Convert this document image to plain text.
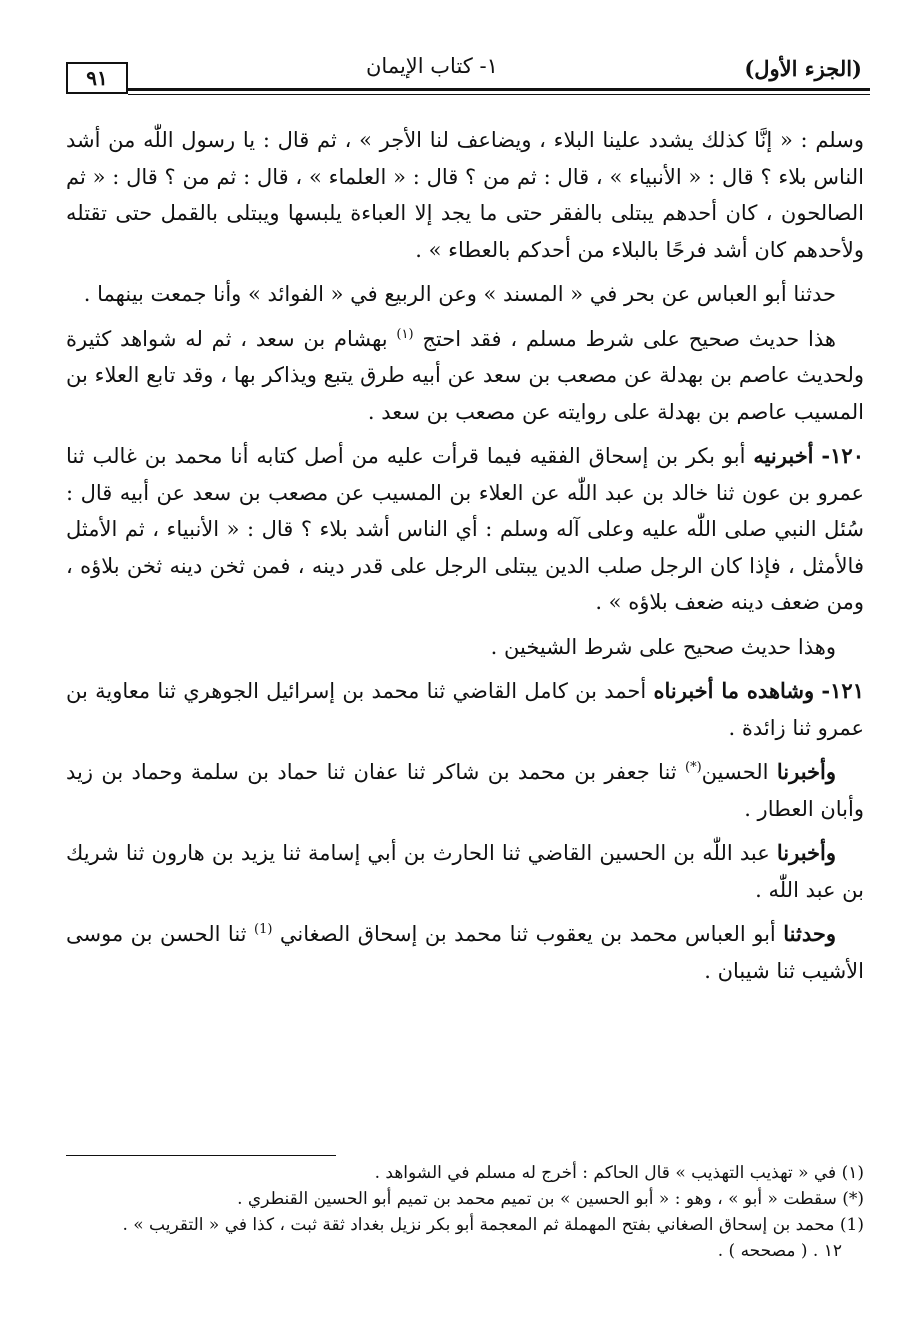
٩١	١- كتاب الإيمان	(الجزء الأول)

وسلم : « إنَّا كذلك يشدد علينا البلاء ، ويضاعف لنا الأجر » ، ثم قال : يا رسول اللّٰه من أشد الناس بلاء ؟ قال : « الأنبياء » ، قال : ثم من ؟ قال : « العلماء » ، قال : ثم من ؟ قال : « ثم الصالحون ، كان أحدهم يبتلى بالفقر حتى ما يجد إلا العباءة يلبسها ويبتلى بالقمل حتى تقتله ولأحدهم كان أشد فرحًا بالبلاء من أحدكم بالعطاء » .

حدثنا أبو العباس عن بحر في « المسند » وعن الربيع في « الفوائد » وأنا جمعت بينهما .

هذا حديث صحيح على شرط مسلم ، فقد احتج $^{(١)}$ بهشام بن سعد ، ثم له شواهد كثيرة ولحديث عاصم بن بهدلة عن مصعب بن سعد عن أبيه طرق يتبع ويذاكر بها ، وقد تابع العلاء بن المسيب عاصم بن بهدلة على روايته عن مصعب بن سعد .

١٢٠- أخبرنيه أبو بكر بن إسحاق الفقيه فيما قرأت عليه من أصل كتابه أنا محمد بن غالب ثنا عمرو بن عون ثنا خالد بن عبد اللّٰه عن العلاء بن المسيب عن مصعب بن سعد عن أبيه قال : سُئل النبي صلى اللّٰه عليه وعلى آله وسلم : أي الناس أشد بلاء ؟ قال : « الأنبياء ، ثم الأمثل فالأمثل ، فإذا كان الرجل صلب الدين يبتلى الرجل على قدر دينه ، فمن ثخن دينه ثخن بلاؤه ، ومن ضعف دينه ضعف بلاؤه » .

وهذا حديث صحيح على شرط الشيخين .

١٢١- وشاهده ما أخبرناه أحمد بن كامل القاضي ثنا محمد بن إسرائيل الجوهري ثنا معاوية بن عمرو ثنا زائدة .

وأخبرنا الحسين(*) ثنا جعفر بن محمد بن شاكر ثنا عفان ثنا حماد بن سلمة وحماد بن زيد وأبان العطار .

وأخبرنا عبد اللّٰه بن الحسين القاضي ثنا الحارث بن أبي إسامة ثنا يزيد بن هارون ثنا شريك بن عبد اللّٰه .

وحدثنا أبو العباس محمد بن يعقوب ثنا محمد بن إسحاق الصغاني $^{(1)}$ ثنا الحسن بن موسى الأشيب ثنا شيبان .

(١) في « تهذيب التهذيب » قال الحاكم : أخرج له مسلم في الشواهد .

(*) سقطت « أبو » ، وهو : « أبو الحسين » بن تميم محمد بن تميم أبو الحسين القنطري .

(1) محمد بن إسحاق الصغاني بفتح المهملة ثم المعجمة أبو بكر نزيل بغداد ثقة ثبت ، كذا في « التقريب » .

١٢ . ( مصححه ) .
